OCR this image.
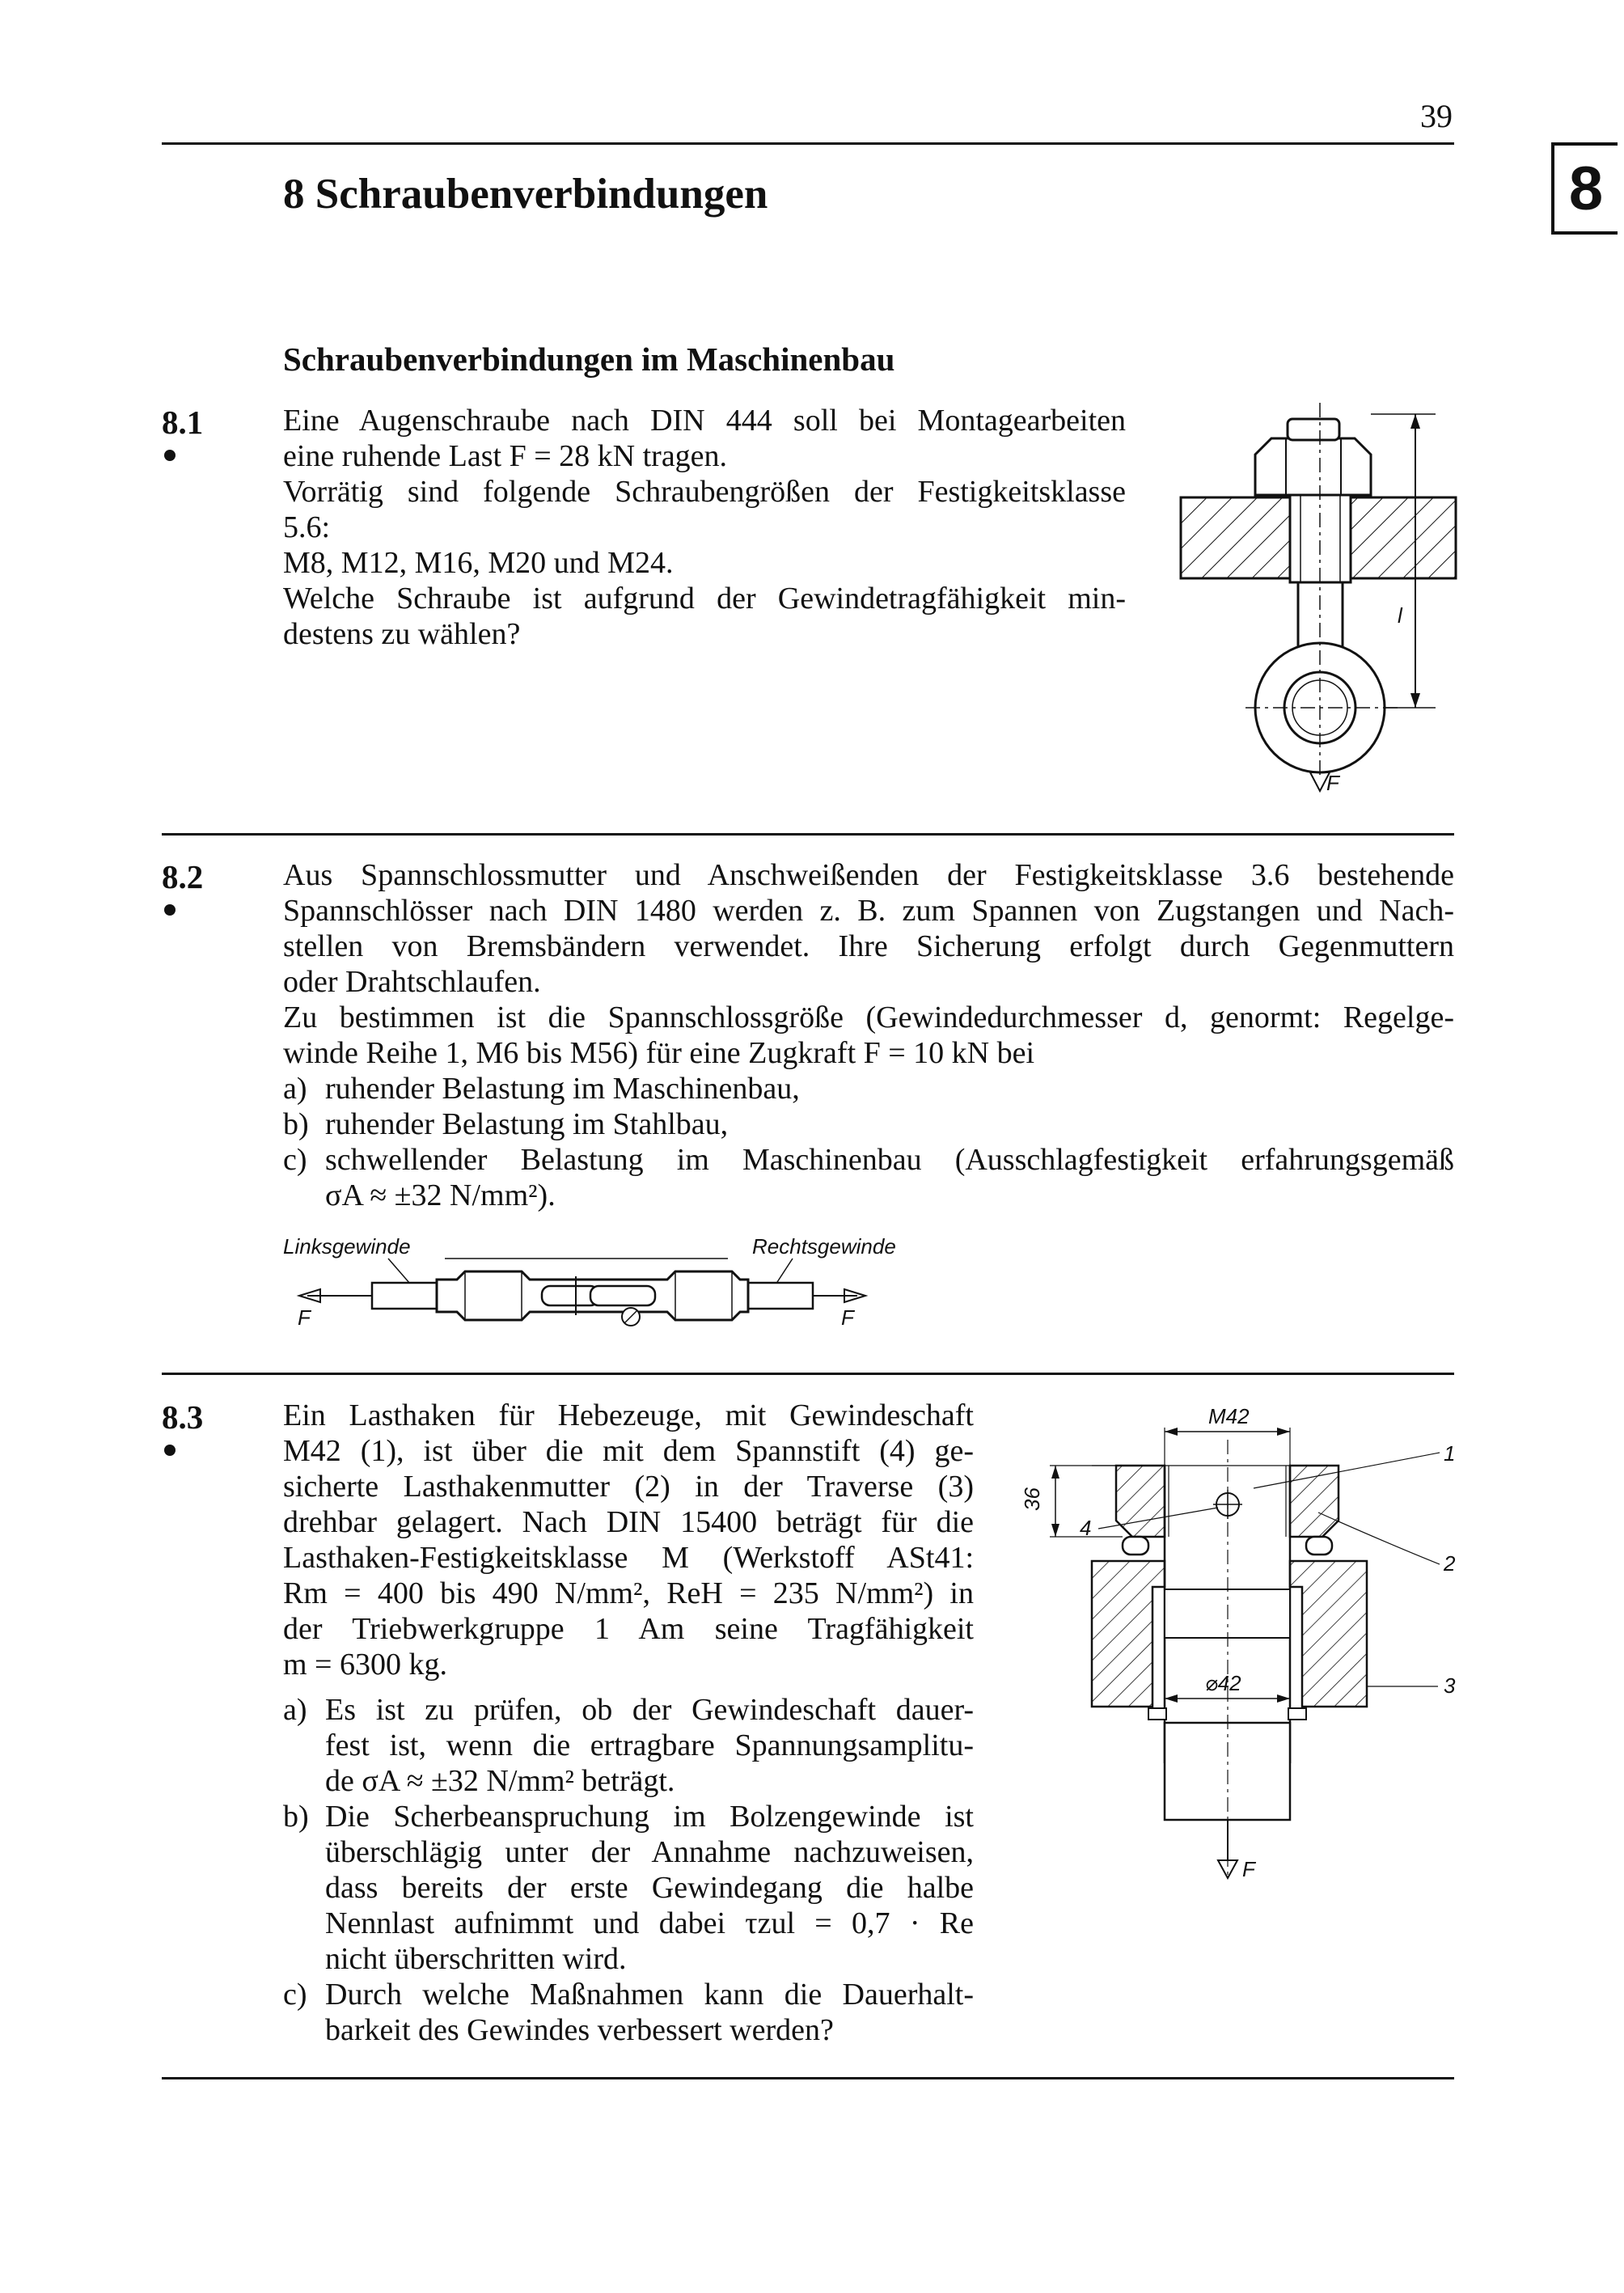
39
8
8 Schraubenverbindungen
Schraubenverbindungen im Maschinenbau
8.1	Eine Augenschraube nach DIN 444 soll bei Montagearbeiten

eine ruhende Last F = 28 kN tragen.

Vorrätig sind folgende Schraubengrößen der Festigkeitsklasse

5.6:

M8, M12, M16, M20 und M24.

Welche Schraube ist aufgrund der Gewindetragfähigkeit min-

destens zu wählen?

l
F
8.2	Aus Spannschlossmutter und Anschweißenden der Festigkeitsklasse 3.6 bestehende

Spannschlösser nach DIN 1480 werden z. B. zum Spannen von Zugstangen und Nach-

stellen von Bremsbändern verwendet. Ihre Sicherung erfolgt durch Gegenmuttern

oder Drahtschlaufen.

Zu bestimmen ist die Spannschlossgröße (Gewindedurchmesser d, genormt: Regelge-

winde Reihe 1, M6 bis M56) für eine Zugkraft F = 10 kN bei

a) ruhender Belastung im Maschinenbau,

b) ruhender Belastung im Stahlbau,

c) schwellender Belastung im Maschinenbau (Ausschlagfestigkeit erfahrungsgemäß

σA ≈ ±32 N/mm²).

Linksgewinde	Rechtsgewinde
F	F
8.3	Ein Lasthaken für Hebezeuge, mit Gewindeschaft

M42 (1), ist über die mit dem Spannstift (4) ge-

sicherte Lasthakenmutter (2) in der Traverse (3)

drehbar gelagert. Nach DIN 15400 beträgt für die

Lasthaken-Festigkeitsklasse M (Werkstoff ASt41:

Rm = 400 bis 490 N/mm², ReH = 235 N/mm²) in

der Triebwerkgruppe 1 Am seine Tragfähigkeit

m = 6300 kg.

a) Es ist zu prüfen, ob der Gewindeschaft dauer-

fest ist, wenn die ertragbare Spannungsamplitu-

de σA ≈ ±32 N/mm² beträgt.

b) Die Scherbeanspruchung im Bolzengewinde ist

überschlägig unter der Annahme nachzuweisen,

dass bereits der erste Gewindegang die halbe

Nennlast aufnimmt und dabei τzul = 0,7 · Re

nicht überschritten wird.

c) Durch welche Maßnahmen kann die Dauerhalt-

barkeit des Gewindes verbessert werden?

M42
⌀42
36
1
2
3
4
F
